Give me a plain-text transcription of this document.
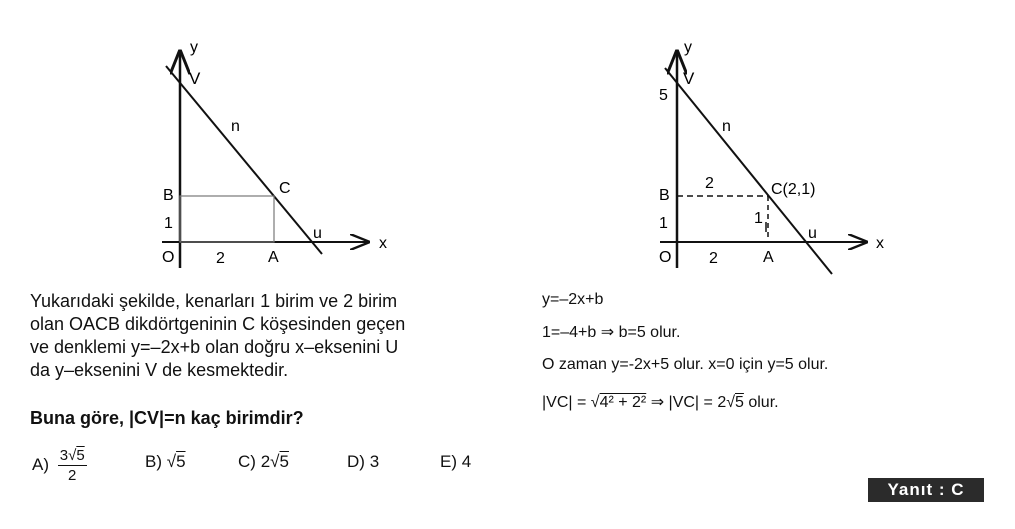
y
V
n
B	C
1
u
x
O	2	A
y
V
5
n
B
2	C(2,1)
1	1
u
x
O 2	A

Yukarıdaki şekilde, kenarları 1 birim ve 2 birim
olan OACB dikdörtgeninin C köşesinden geçen
ve denklemi y=–2x+b olan doğru x–eksenini U
da y–eksenini V de kesmektedir.

Buna göre, |CV|=n kaç birimdir?

$A) \frac{3√5}{2}$	B) √5	C) 2√5	D) 3	E) 4
y=–2x+b
1=–4+b ⇒ b=5 olur.
O zaman y=-2x+5 olur. x=0 için y=5 olur.
|VC| = √4² + 2² ⇒ |VC| = 2√5 olur.
Yanıt : C
